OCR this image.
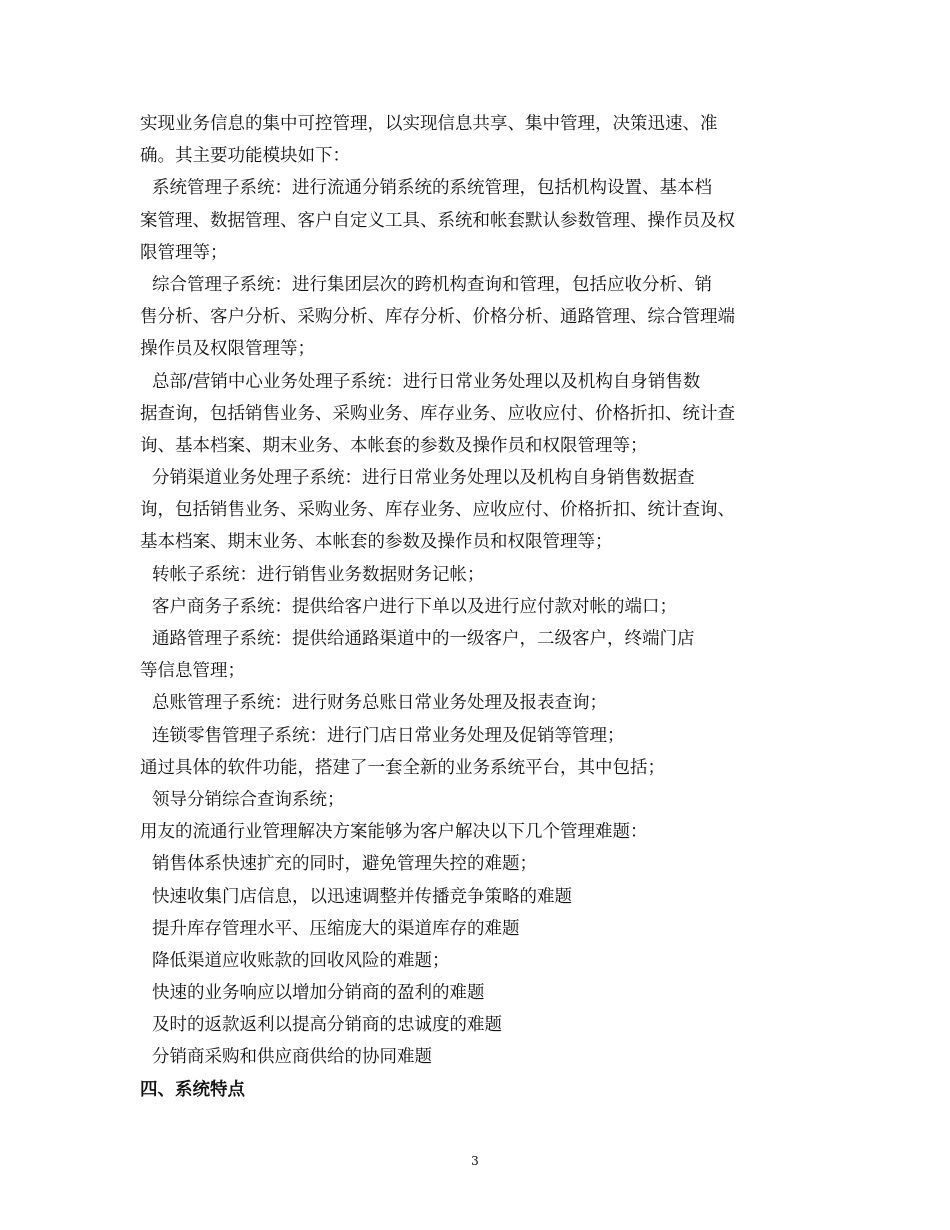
实现业务信息的集中可控管理，以实现信息共享、集中管理，决策迅速、准
确。其主要功能模块如下：
系统管理子系统：进行流通分销系统的系统管理，包括机构设置、基本档
案管理、数据管理、客户自定义工具、系统和帐套默认参数管理、操作员及权
限管理等；
综合管理子系统：进行集团层次的跨机构查询和管理，包括应收分析、销
售分析、客户分析、采购分析、库存分析、价格分析、通路管理、综合管理端
操作员及权限管理等；
总部/营销中心业务处理子系统：进行日常业务处理以及机构自身销售数
据查询，包括销售业务、采购业务、库存业务、应收应付、价格折扣、统计查
询、基本档案、期末业务、本帐套的参数及操作员和权限管理等；
分销渠道业务处理子系统：进行日常业务处理以及机构自身销售数据查
询，包括销售业务、采购业务、库存业务、应收应付、价格折扣、统计查询、
基本档案、期末业务、本帐套的参数及操作员和权限管理等；
转帐子系统：进行销售业务数据财务记帐；
客户商务子系统：提供给客户进行下单以及进行应付款对帐的端口；
通路管理子系统：提供给通路渠道中的一级客户，二级客户，终端门店
等信息管理；
总账管理子系统：进行财务总账日常业务处理及报表查询；
连锁零售管理子系统：进行门店日常业务处理及促销等管理；
通过具体的软件功能，搭建了一套全新的业务系统平台，其中包括；
领导分销综合查询系统；
用友的流通行业管理解决方案能够为客户解决以下几个管理难题：
销售体系快速扩充的同时，避免管理失控的难题；
快速收集门店信息，以迅速调整并传播竞争策略的难题
提升库存管理水平、压缩庞大的渠道库存的难题
降低渠道应收账款的回收风险的难题；
快速的业务响应以增加分销商的盈利的难题
及时的返款返利以提高分销商的忠诚度的难题
分销商采购和供应商供给的协同难题
四、系统特点
3
